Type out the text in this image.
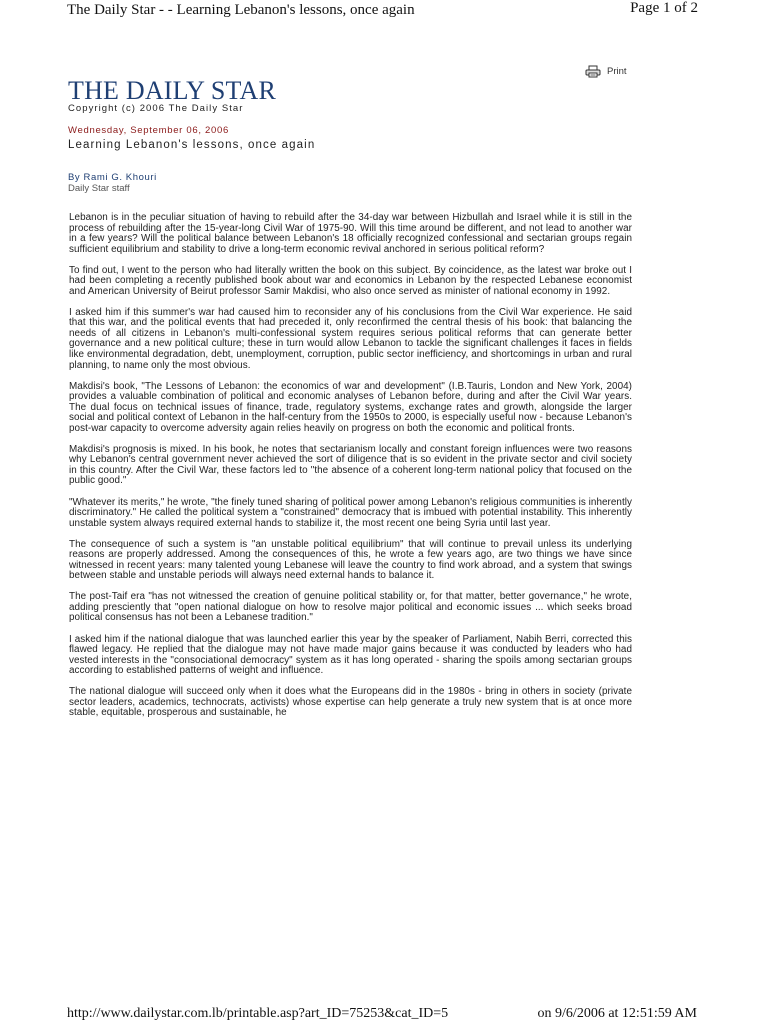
The Daily Star - - Learning Lebanon's lessons, once again	Page 1 of 2
Print
THE DAILY STAR
Copyright (c) 2006 The Daily Star
Wednesday, September 06, 2006
Learning Lebanon's lessons, once again
By Rami G. Khouri
Daily Star staff

Lebanon is in the peculiar situation of having to rebuild after the 34-day war between Hizbullah and Israel while it is still in the process of rebuilding after the 15-year-long Civil War of 1975-90. Will this time around be different, and not lead to another war in a few years? Will the political balance between Lebanon's 18 officially recognized confessional and sectarian groups regain sufficient equilibrium and stability to drive a long-term economic revival anchored in serious political reform?

To find out, I went to the person who had literally written the book on this subject. By coincidence, as the latest war broke out I had been completing a recently published book about war and economics in Lebanon by the respected Lebanese economist and American University of Beirut professor Samir Makdisi, who also once served as minister of national economy in 1992.

I asked him if this summer's war had caused him to reconsider any of his conclusions from the Civil War experience. He said that this war, and the political events that had preceded it, only reconfirmed the central thesis of his book: that balancing the needs of all citizens in Lebanon's multi-confessional system requires serious political reforms that can generate better governance and a new political culture; these in turn would allow Lebanon to tackle the significant challenges it faces in fields like environmental degradation, debt, unemployment, corruption, public sector inefficiency, and shortcomings in urban and rural planning, to name only the most obvious.

Makdisi's book, "The Lessons of Lebanon: the economics of war and development" (I.B.Tauris, London and New York, 2004) provides a valuable combination of political and economic analyses of Lebanon before, during and after the Civil War years. The dual focus on technical issues of finance, trade, regulatory systems, exchange rates and growth, alongside the larger social and political context of Lebanon in the half-century from the 1950s to 2000, is especially useful now - because Lebanon's post-war capacity to overcome adversity again relies heavily on progress on both the economic and political fronts.

Makdisi's prognosis is mixed. In his book, he notes that sectarianism locally and constant foreign influences were two reasons why Lebanon's central government never achieved the sort of diligence that is so evident in the private sector and civil society in this country. After the Civil War, these factors led to "the absence of a coherent long-term national policy that focused on the public good."

"Whatever its merits," he wrote, "the finely tuned sharing of political power among Lebanon's religious communities is inherently discriminatory." He called the political system a "constrained" democracy that is imbued with potential instability. This inherently unstable system always required external hands to stabilize it, the most recent one being Syria until last year.

The consequence of such a system is "an unstable political equilibrium" that will continue to prevail unless its underlying reasons are properly addressed. Among the consequences of this, he wrote a few years ago, are two things we have since witnessed in recent years: many talented young Lebanese will leave the country to find work abroad, and a system that swings between stable and unstable periods will always need external hands to balance it.

The post-Taif era "has not witnessed the creation of genuine political stability or, for that matter, better governance," he wrote, adding presciently that "open national dialogue on how to resolve major political and economic issues ... which seeks broad political consensus has not been a Lebanese tradition."

I asked him if the national dialogue that was launched earlier this year by the speaker of Parliament, Nabih Berri, corrected this flawed legacy. He replied that the dialogue may not have made major gains because it was conducted by leaders who had vested interests in the "consociational democracy" system as it has long operated - sharing the spoils among sectarian groups according to established patterns of weight and influence.

The national dialogue will succeed only when it does what the Europeans did in the 1980s - bring in others in society (private sector leaders, academics, technocrats, activists) whose expertise can help generate a truly new system that is at once more stable, equitable, prosperous and sustainable, he

http://www.dailystar.com.lb/printable.asp?art_ID=75253&cat_ID=5	on 9/6/2006 at 12:51:59 AM
